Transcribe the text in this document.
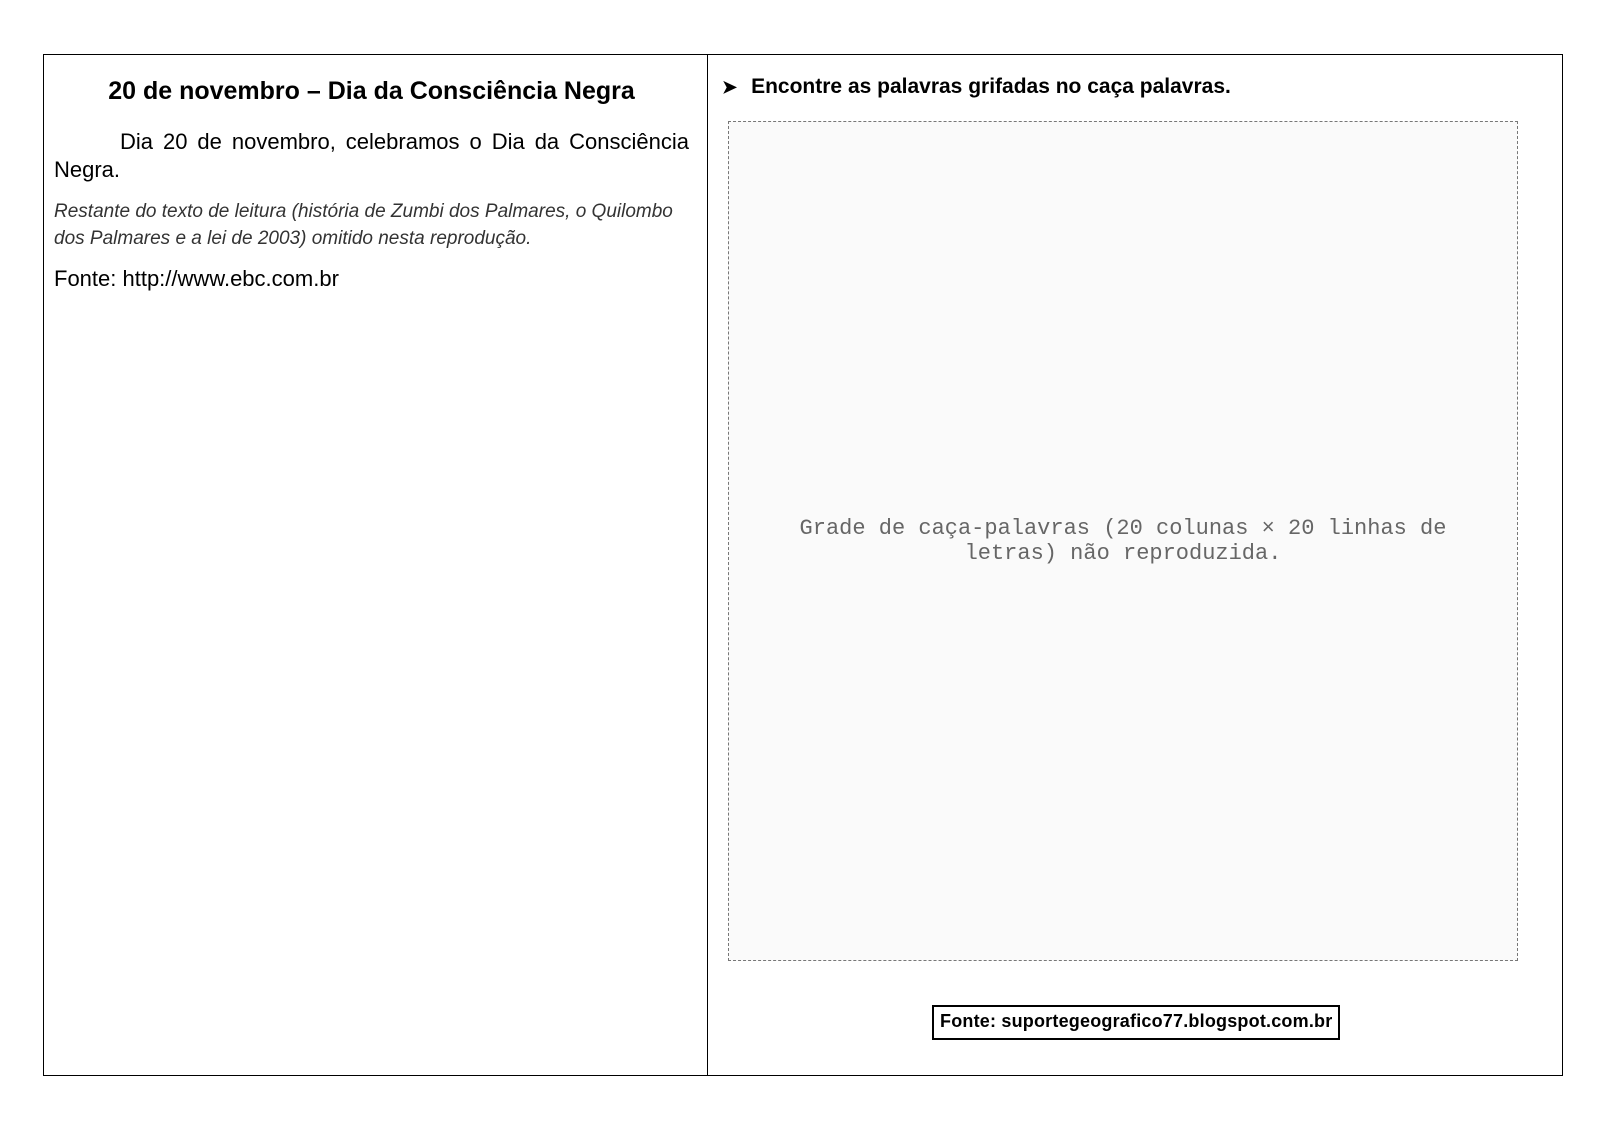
20 de novembro – Dia da Consciência Negra

Dia 20 de novembro, celebramos o Dia da Consciência Negra.

Restante do texto de leitura (história de Zumbi dos Palmares, o Quilombo dos Palmares e a lei de 2003) omitido nesta reprodução.

Fonte: http://www.ebc.com.br
➤ Encontre as palavras grifadas no caça palavras.
Grade de caça-palavras (20 colunas × 20 linhas de letras) não reproduzida.
Fonte: suportegeografico77.blogspot.com.br
